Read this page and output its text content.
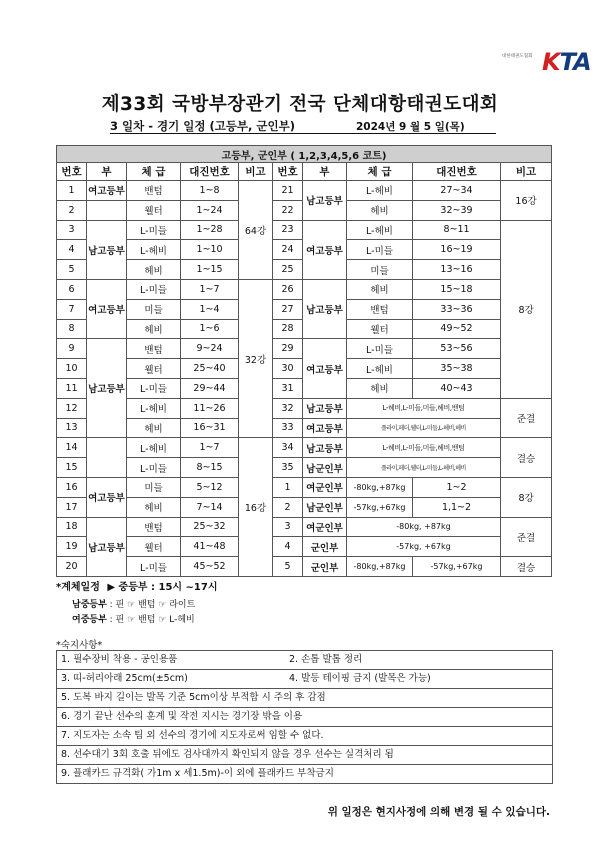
대한태권도협회 KTA
제33회 국방부장관기 전국 단체대항태권도대회
3 일차 - 경기 일정 (고등부, 군인부)	2024년 9 월 5 일(목)
고등부, 군인부 ( 1,2,3,4,5,6 코트)									
번호	부	체 급	대진번호	비고	번호	부	체 급	대진번호	비고
1	여고등부	밴텀	1~8	64강	21	남고등부	L-헤비	27~34	16강
2		웰터	1~24		22		헤비	32~39	
3	남고등부	L-미들	1~28		23	여고등부	L-헤비	8~11	8강
4		L-헤비	1~10		24		L-미들	16~19	
5		헤비	1~15		25		미들	13~16	
6	여고등부	L-미들	1~7	32강	26	남고등부	헤비	15~18	
7		미들	1~4		27		밴텀	33~36	
8		헤비	1~6		28		웰터	49~52	
9	남고등부	밴텀	9~24		29	여고등부	L-미들	53~56	
10		웰터	25~40		30		L-헤비	35~38	
11		L-미들	29~44		31		헤비	40~43	
12		L-헤비	11~26		32	남고등부	L-헤비,L-미들,미들,헤비,밴텀		준결
13		헤비	16~31		33	여고등부	플라이,페더,웰터,L-미들,L-헤비,헤비		
14		L-헤비	1~7	16강	34	남고등부	L-헤비,L-미들,미들,헤비,밴텀		결승
15		L-미들	8~15		35	남군인부	플라이,페더,웰터,L-미들,L-헤비,헤비		
16	여고등부	미들	5~12		1	여군인부	-80kg,+87kg	1~2	8강
17		헤비	7~14		2	남군인부	-57kg,+67kg	1,1~2	
18	남고등부	밴텀	25~32		3	여군인부	-80kg, +87kg		준결
19		웰터	41~48		4	군인부	-57kg, +67kg		
20		L-미들	45~52		5	군인부	-80kg,+87kg	-57kg,+67kg	결승
*계체일정 ▶ 중등부 : 15시 ~17시
남중등부 : 핀 ☞ 밴텀 ☞ 라이트
여중등부 : 핀 ☞ 밴텀 ☞ L-헤비
*숙지사항*
1. 필수장비 착용 - 공인용품	2. 손톱 발톱 정리
3. 띠-허리아래 25cm(±5cm)	4. 발등 테이핑 금지 (발목은 가능)
5. 도복 바지 길이는 발목 기준 5cm이상 부적합 시 주의 후 감점
6. 경기 끝난 선수의 훈계 및 작전 지시는 경기장 밖을 이용
7. 지도자는 소속 팀 외 선수의 경기에 지도자로써 임할 수 없다.
8. 선수대기 3회 호출 뒤에도 검사대까지 확인되지 않을 경우 선수는 실격처리 됨
9. 플래카드 규격화( 가1m x 세1.5m)-이 외에 플래카드 부착금지
위 일정은 현지사정에 의해 변경 될 수 있습니다.
